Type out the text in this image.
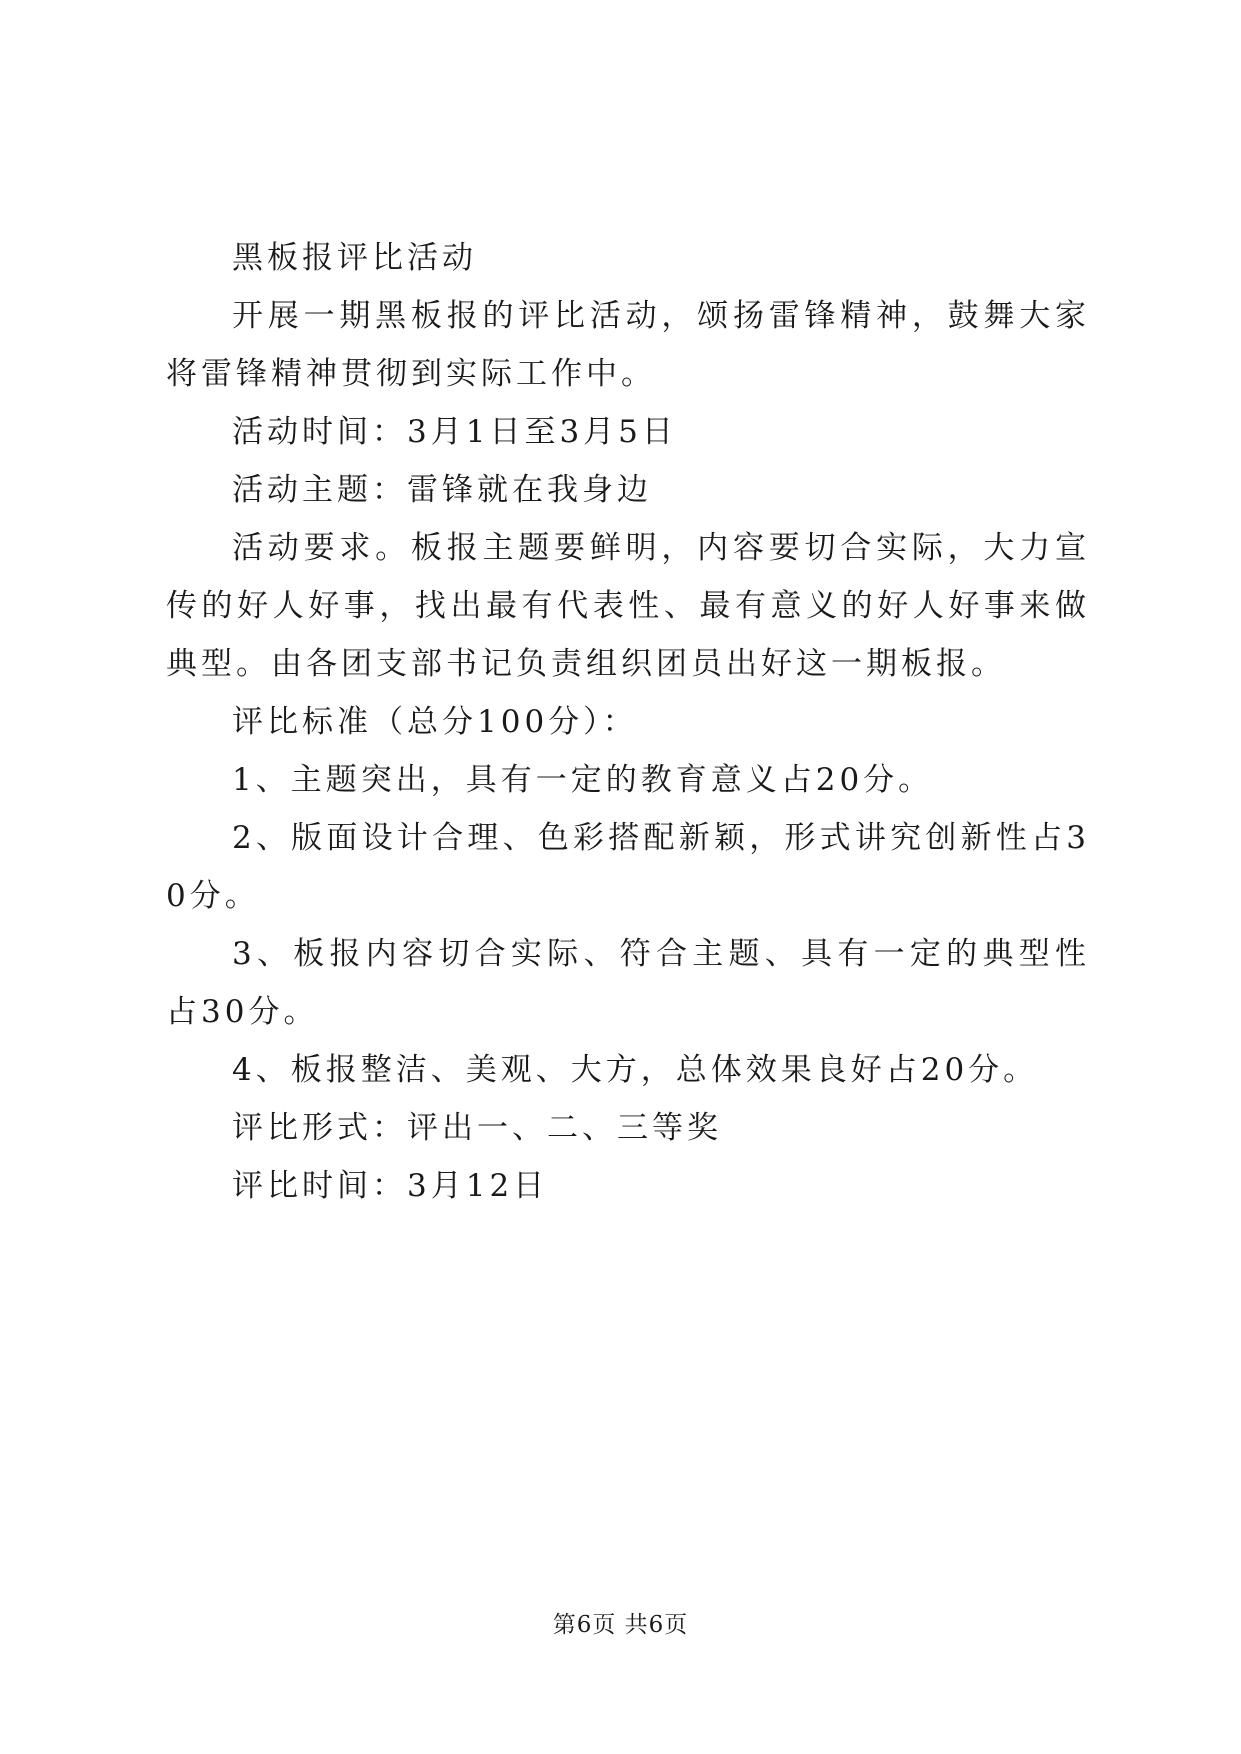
黑板报评比活动

开展一期黑板报的评比活动，颂扬雷锋精神，鼓舞大家将雷锋精神贯彻到实际工作中。

活动时间：3月1日至3月5日

活动主题：雷锋就在我身边

活动要求。板报主题要鲜明，内容要切合实际，大力宣传的好人好事，找出最有代表性、最有意义的好人好事来做典型。由各团支部书记负责组织团员出好这一期板报。

评比标准（总分100分）：

1、主题突出，具有一定的教育意义占20分。

2、版面设计合理、色彩搭配新颖，形式讲究创新性占30分。

3、板报内容切合实际、符合主题、具有一定的典型性占30分。

4、板报整洁、美观、大方，总体效果良好占20分。

评比形式：评出一、二、三等奖

评比时间：3月12日

第6页 共6页
